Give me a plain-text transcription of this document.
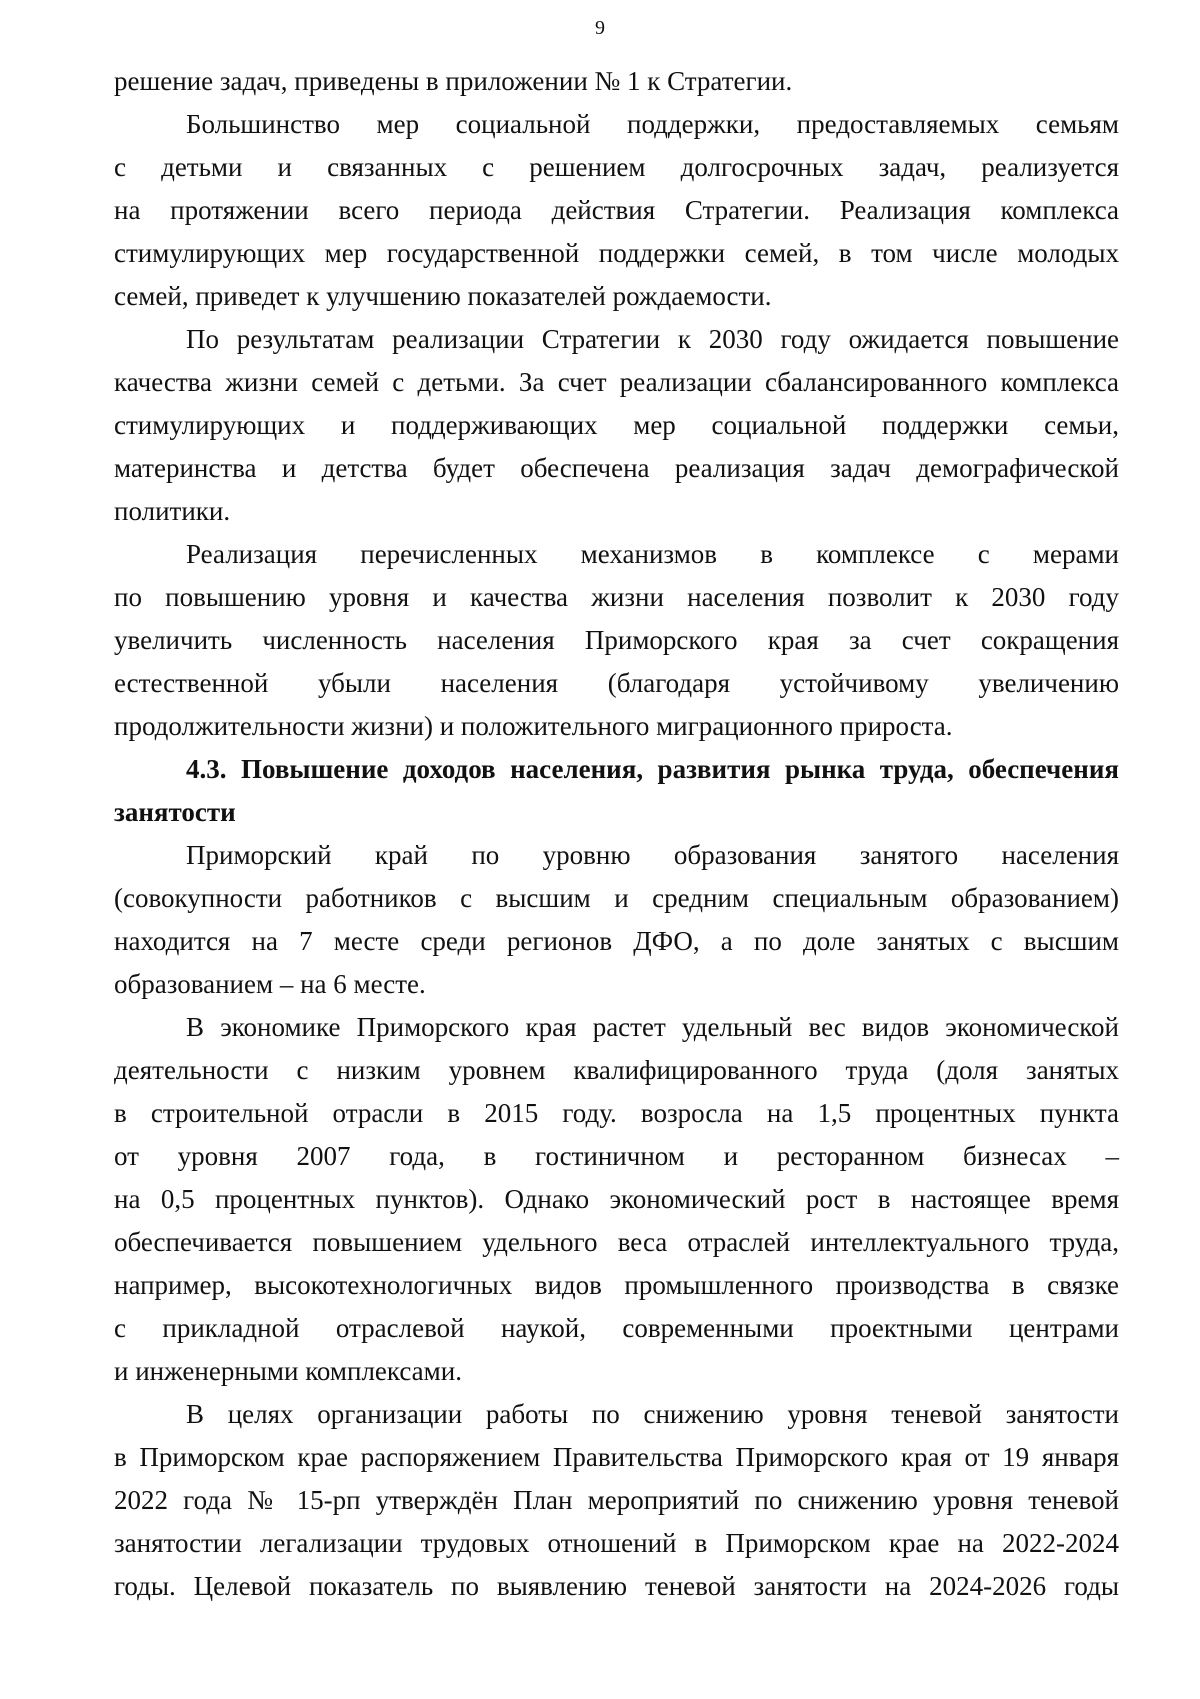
9
решение задач, приведены в приложении № 1 к Стратегии.
Большинство мер социальной поддержки, предоставляемых семьям
с детьми и связанных с решением долгосрочных задач, реализуется
на протяжении всего периода действия Стратегии. Реализация комплекса
стимулирующих мер государственной поддержки семей, в том числе молодых
семей, приведет к улучшению показателей рождаемости.
По результатам реализации Стратегии к 2030 году ожидается повышение
качества жизни семей с детьми. За счет реализации сбалансированного комплекса
стимулирующих и поддерживающих мер социальной поддержки семьи,
материнства и детства будет обеспечена реализация задач демографической
политики.
Реализация перечисленных механизмов в комплексе с мерами
по повышению уровня и качества жизни населения позволит к 2030 году
увеличить численность населения Приморского края за счет сокращения
естественной убыли населения (благодаря устойчивому увеличению
продолжительности жизни) и положительного миграционного прироста.
4.3. Повышение доходов населения, развития рынка труда, обеспечения
занятости
Приморский край по уровню образования занятого населения
(совокупности работников с высшим и средним специальным образованием)
находится на 7 месте среди регионов ДФО, а по доле занятых с высшим
образованием – на 6 месте.
В экономике Приморского края растет удельный вес видов экономической
деятельности с низким уровнем квалифицированного труда (доля занятых
в строительной отрасли в 2015 году. возросла на 1,5 процентных пункта
от уровня 2007 года, в гостиничном и ресторанном бизнесах –
на 0,5 процентных пунктов). Однако экономический рост в настоящее время
обеспечивается повышением удельного веса отраслей интеллектуального труда,
например, высокотехнологичных видов промышленного производства в связке
с прикладной отраслевой наукой, современными проектными центрами
и инженерными комплексами.
В целях организации работы по снижению уровня теневой занятости
в Приморском крае распоряжением Правительства Приморского края от 19 января
2022 года № 15-рп утверждён План мероприятий по снижению уровня теневой
занятостии легализации трудовых отношений в Приморском крае на 2022-2024
годы. Целевой показатель по выявлению теневой занятости на 2024-2026 годы
